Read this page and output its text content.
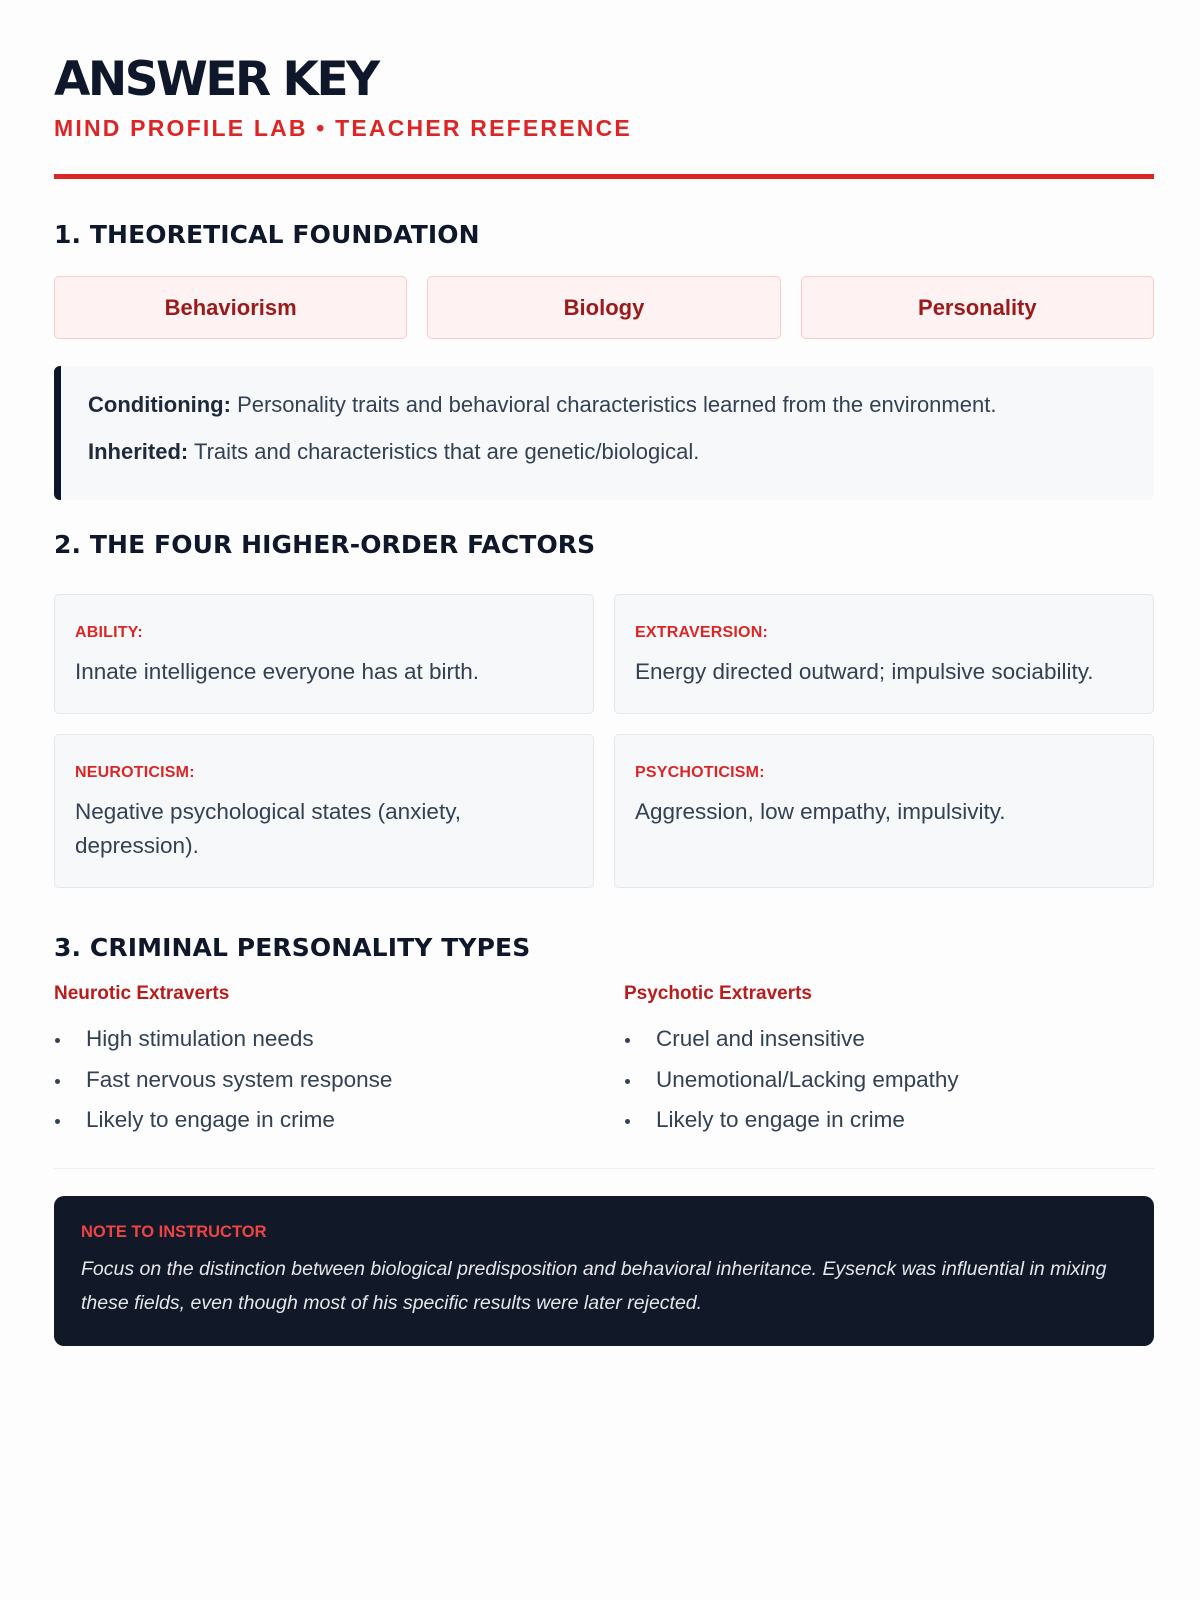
ANSWER KEY
MIND PROFILE LAB • TEACHER REFERENCE
1. THEORETICAL FOUNDATION
Behaviorism	Biology	Personality
Conditioning: Personality traits and behavioral characteristics learned from the environment.
Inherited: Traits and characteristics that are genetic/biological.
2. THE FOUR HIGHER-ORDER FACTORS
ABILITY:
Innate intelligence everyone has at birth.
EXTRAVERSION:
Energy directed outward; impulsive sociability.
NEUROTICISM:
Negative psychological states (anxiety, depression).
PSYCHOTICISM:
Aggression, low empathy, impulsivity.
3. CRIMINAL PERSONALITY TYPES
Neurotic Extraverts
High stimulation needs
Fast nervous system response
Likely to engage in crime
Psychotic Extraverts
Cruel and insensitive
Unemotional/Lacking empathy
Likely to engage in crime
NOTE TO INSTRUCTOR
Focus on the distinction between biological predisposition and behavioral inheritance. Eysenck was influential in mixing these fields, even though most of his specific results were later rejected.
